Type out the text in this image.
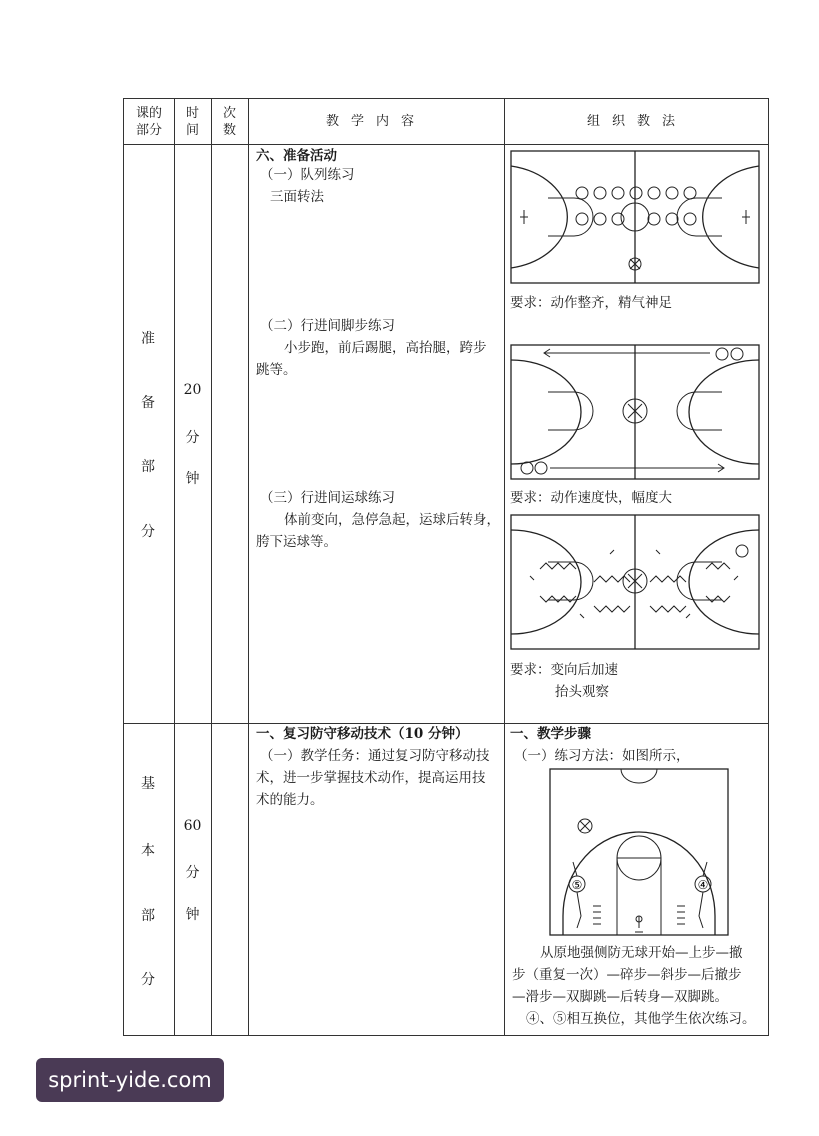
课的
部分
时
间
次
数
教学内容	组织教法
准
备
部
分
20
分
钟
六、准备活动
（一）队列练习
三面转法
（二）行进间脚步练习
小步跑，前后踢腿，高抬腿，跨步
跳等。
（三）行进间运球练习
体前变向，急停急起，运球后转身，
胯下运球等。
要求：动作整齐，精气神足
要求：动作速度快，幅度大
要求：变向后加速
抬头观察
基
本
部
分
60
分
钟
一、复习防守移动技术（10 分钟）
（一）教学任务：通过复习防守移动技
术，进一步掌握技术动作，提高运用技
术的能力。
一、教学步骤
（一）练习方法：如图所示，
⑤	④
从原地强侧防无球开始—上步—撤
步（重复一次）—碎步—斜步—后撤步
—滑步—双脚跳—后转身—双脚跳。
④、⑤相互换位，其他学生依次练习。
sprint-yide.com
